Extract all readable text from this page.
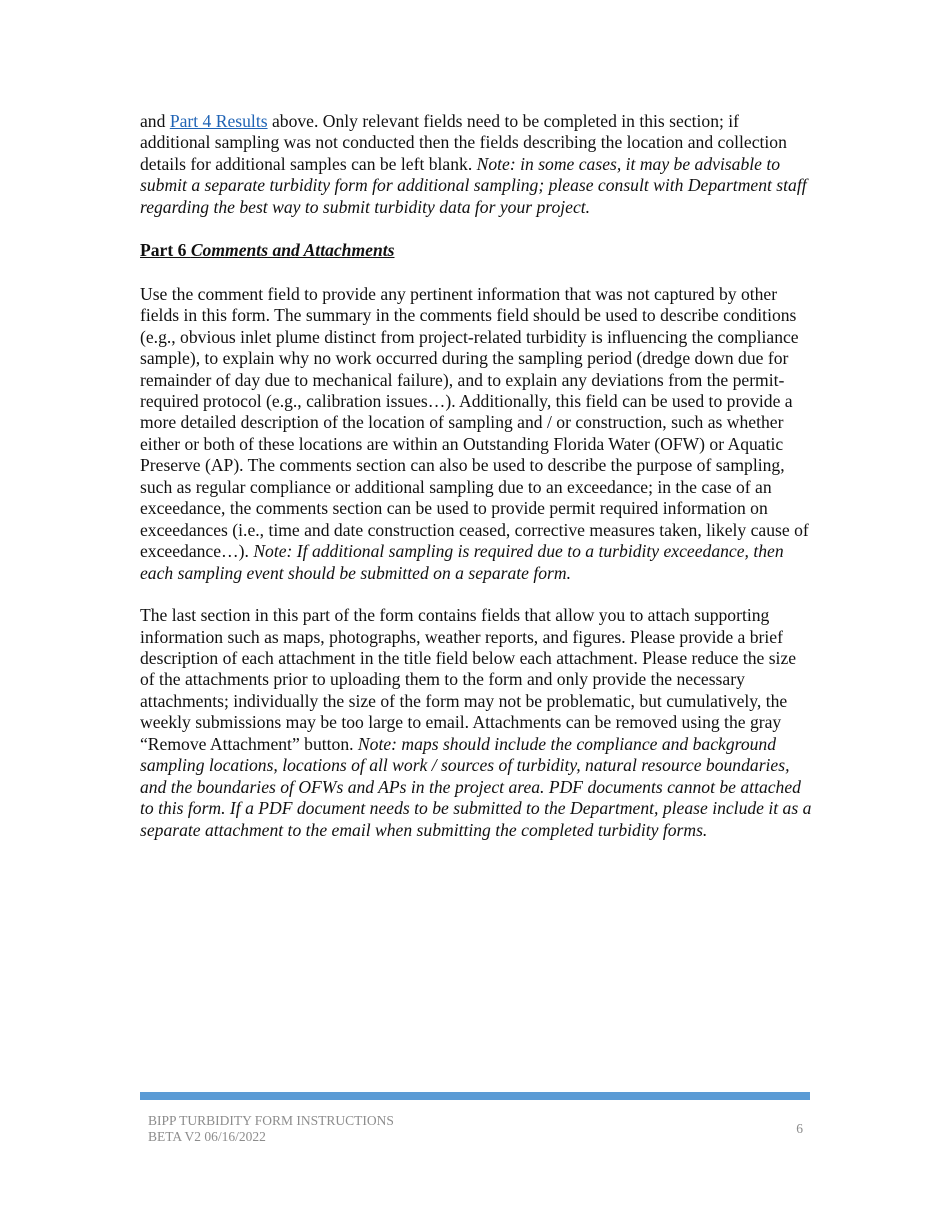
and Part 4 Results above. Only relevant fields need to be completed in this section; if additional sampling was not conducted then the fields describing the location and collection details for additional samples can be left blank. Note: in some cases, it may be advisable to submit a separate turbidity form for additional sampling; please consult with Department staff regarding the best way to submit turbidity data for your project.

Part 6 Comments and Attachments

Use the comment field to provide any pertinent information that was not captured by other fields in this form. The summary in the comments field should be used to describe conditions (e.g., obvious inlet plume distinct from project-related turbidity is influencing the compliance sample), to explain why no work occurred during the sampling period (dredge down due for remainder of day due to mechanical failure), and to explain any deviations from the permit-required protocol (e.g., calibration issues…). Additionally, this field can be used to provide a more detailed description of the location of sampling and / or construction, such as whether either or both of these locations are within an Outstanding Florida Water (OFW) or Aquatic Preserve (AP). The comments section can also be used to describe the purpose of sampling, such as regular compliance or additional sampling due to an exceedance; in the case of an exceedance, the comments section can be used to provide permit required information on exceedances (i.e., time and date construction ceased, corrective measures taken, likely cause of exceedance…). Note: If additional sampling is required due to a turbidity exceedance, then each sampling event should be submitted on a separate form.

The last section in this part of the form contains fields that allow you to attach supporting information such as maps, photographs, weather reports, and figures. Please provide a brief description of each attachment in the title field below each attachment. Please reduce the size of the attachments prior to uploading them to the form and only provide the necessary attachments; individually the size of the form may not be problematic, but cumulatively, the weekly submissions may be too large to email. Attachments can be removed using the gray “Remove Attachment” button. Note: maps should include the compliance and background sampling locations, locations of all work / sources of turbidity, natural resource boundaries, and the boundaries of OFWs and APs in the project area. PDF documents cannot be attached to this form. If a PDF document needs to be submitted to the Department, please include it as a separate attachment to the email when submitting the completed turbidity forms.

BIPP TURBIDITY FORM INSTRUCTIONS
BETA V2 06/16/2022
6
